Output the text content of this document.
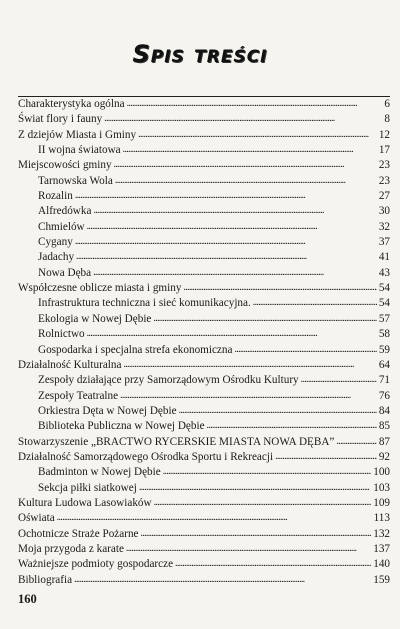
Spis treści
Charakterystyka ogólna . . .	6
Świat flory i fauny . . .	8
Z dziejów Miasta i Gminy . . .	12
II wojna światowa . . .	17
Miejscowości gminy . . .	23
Tarnowska Wola . . .	23
Rozalin . . .	27
Alfredówka . . .	30
Chmielów . . .	32
Cygany . . .	37
Jadachy . . .	41
Nowa Dęba . . .	43
Współczesne oblicze miasta i gminy . . .	54
Infrastruktura techniczna i sieć komunikacyjna. . . .	54
Ekologia w Nowej Dębie . . .	57
Rolnictwo . . .	58
Gospodarka i specjalna strefa ekonomiczna . . .	59
Działalność Kulturalna . . .	64
Zespoły działające przy Samorządowym Ośrodku Kultury . . .	71
Zespoły Teatralne . . .	76
Orkiestra Dęta w Nowej Dębie . . .	84
Biblioteka Publiczna w Nowej Dębie . . .	85
Stowarzyszenie „BRACTWO RYCERSKIE MIASTA NOWA DĘBA” . . .	87
Działalność Samorządowego Ośrodka Sportu i Rekreacji . . .	92
Badminton w Nowej Dębie . . .	100
Sekcja piłki siatkowej . . .	103
Kultura Ludowa Lasowiaków . . .	109
Oświata . . .	113
Ochotnicze Straże Pożarne . . .	132
Moja przygoda z karate . . .	137
Ważniejsze podmioty gospodarcze . . .	140
Bibliografia . . .	159
160
